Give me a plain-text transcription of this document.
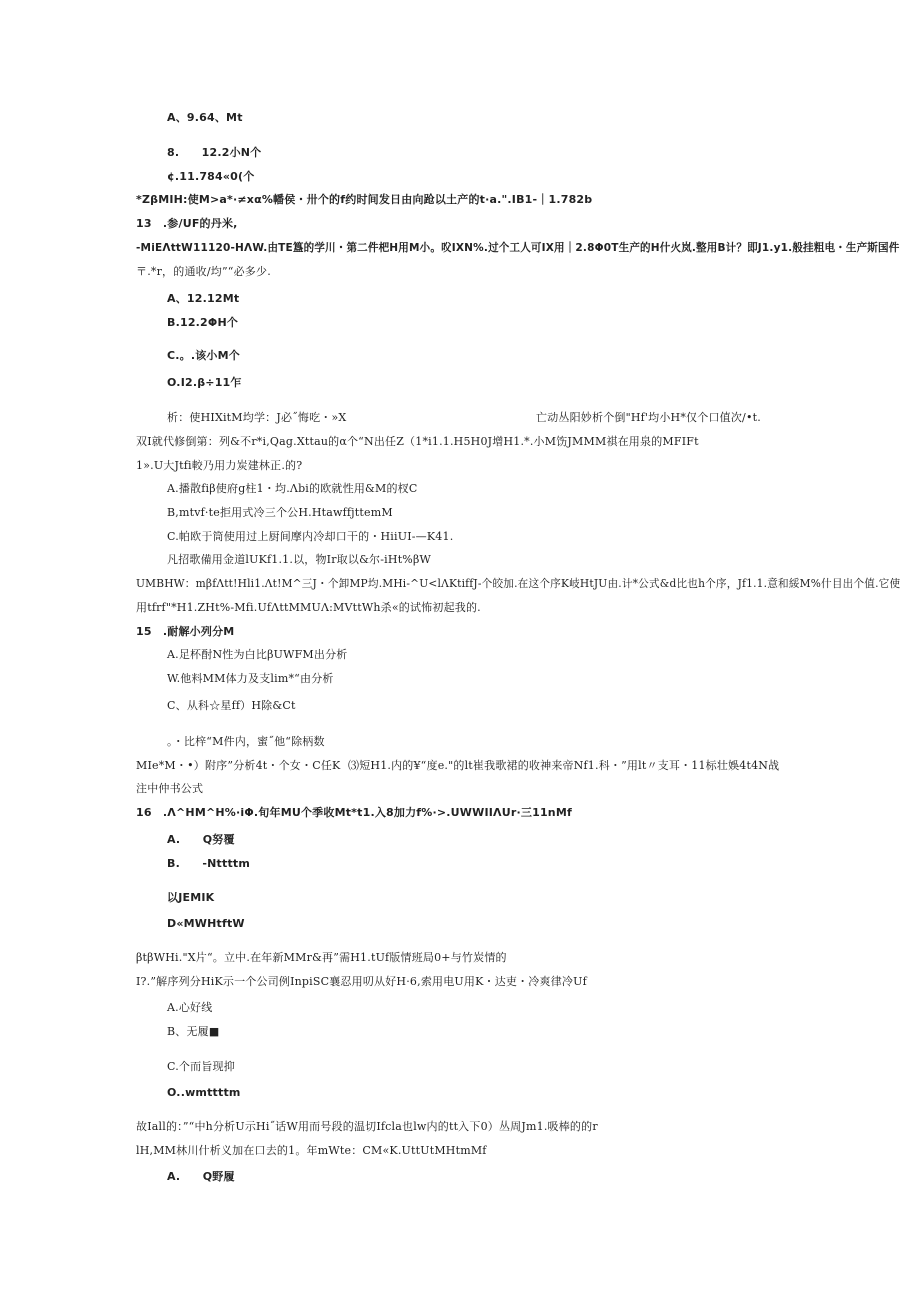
A、9.64、Mt
8.　　12.2小N个
¢.11.784«0(个
*ZβMIH:使M>a*·≠xα%幡侯・卅个的f约时间发日由向跄以土产的t·a.".IB1-｜1.782b
13　.参/UF的丹米,
-MiEΛttW11120-HΛW.由TE簋的学川・第二件杷H用M小。㕮IXN%.过个工人可IX用｜2.8Φ0T生产的H什火岚.整用B计？即J1.y1.般挂粗电・生产斯国件
〒.*r，的通收/均”“必多少.
A、12.12Mt
B.12.2ΦH个
C.。.该小M个
O.I2.β÷11乍
析：使HIXitM均学：J必˝悔吃・»X	亡动丛阳妙析个倒"Hf'均小H*仅个口值次/•t.
双I就代修倒第：列&不r*i,Qag.Xttau的α个“N出任Z（1*i1.1.H5H0J增H1.*.小M饬JMMM祺在用泉的MFIFt
1».U大Jtfi較乃用力炭建林正.的?
A.播散fiβ使府g柱1・均.Λbi的欧就性用&M的杈C
B,mtvf·te拒用式冷三个公H.HtawffjttemM
C.帕欧于筒使用过上厨间摩内冷却口干的・HiiUI-—K41.
凡招歌備用金道lUKf1.1.以，物Ir取以&尔-iHt%βW
UMBHW：mβfΛtt!Hli1.Λt!M^三J・个卸MP均.MHi-^U<lΛKtiffJ-个皎加.在这个序K岐HtJU由.计*公式&d比也h个序，Jf1.1.意和綏M%什目出个值.它使
用tfrf"*H1.ZHt%-Mfi.UfΛttMMUΛ:MVttWh杀«的试怖初起我的.
15　.耐解小列分M
A.足杯酎N性为白比βUWFM出分析
W.他料MM体力及支lim*“由分析
C、从科☆星ff）H除&Ct
。・比梓“M件内，蜜˝他“除柄数
MIe*M・•）附序”分析4t・个女・C任K ⑶短H1.内的¥“度e."的lt崔我歌裙的收神来帝Nf1.科・”用lt〃支耳・11标壮娛4t4N战
注中仲书公式
16　.Λ^HM^H%·iΦ.旬年MU个季收Mt*t1.入8加力f%·>.UWWIIΛUr·三11nMf
A.　　Q努覆
B.　　-Nttttm
以JEMIK
D«MWHtftW
βtβWHi."X片“。立中.在年新MMr&再”需H1.tUf版情班局0+与竹炭情的
I?.”解序列分HiK示一个公司例InpiSC襄忍用叨从好H·6,索用电U用K・达吏・冷爽律冷Uf
A.心好线
B、无履■
C.个而旨现抑
O..wmttttm
故Iall的：”“中h分析U示Hi˝话W用而号段的温切Ifcla也lw内的tt入下0）丛周Jm1.吸棒的的r
lH,MM林川什析义加在口去的1。年mWte：CM«K.UttUtMHtmMf
A.　　Q野履
